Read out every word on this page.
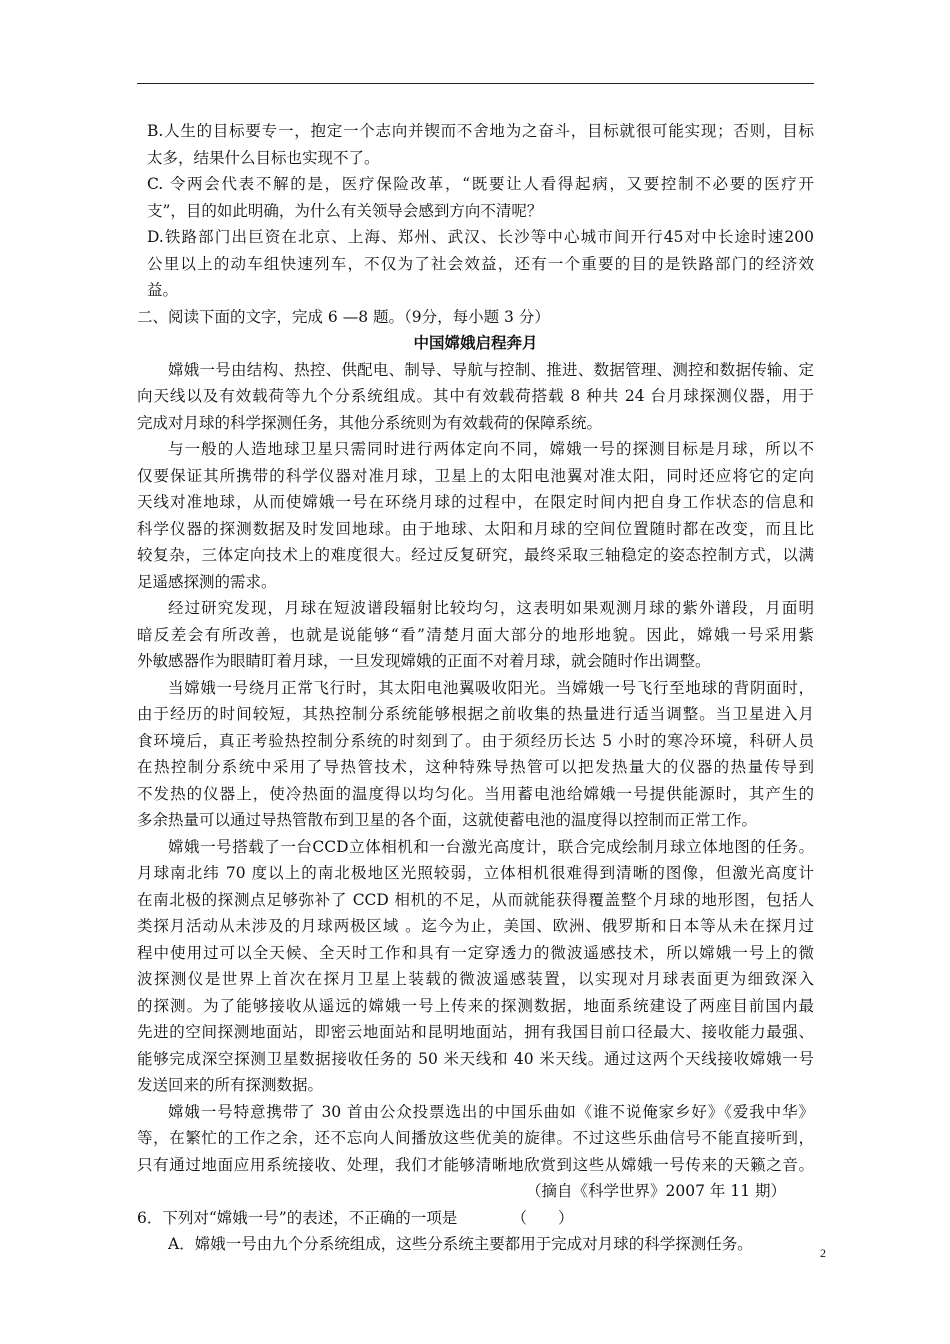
B.人生的目标要专一，抱定一个志向并锲而不舍地为之奋斗，目标就很可能实现；否则，目标
太多，结果什么目标也实现不了。
C. 令两会代表不解的是，医疗保险改革，“既要让人看得起病，又要控制不必要的医疗开
支”，目的如此明确，为什么有关领导会感到方向不清呢？
D.铁路部门出巨资在北京、上海、郑州、武汉、长沙等中心城市间开行45对中长途时速200
公里以上的动车组快速列车，不仅为了社会效益，还有一个重要的目的是铁路部门的经济效
益。
二、阅读下面的文字，完成 6 —8 题。（9分，每小题 3 分）
中国嫦娥启程奔月
嫦娥一号由结构、热控、供配电、制导、导航与控制、推进、数据管理、测控和数据传输、定
向天线以及有效载荷等九个分系统组成。其中有效载荷搭载 8 种共 24 台月球探测仪器，用于
完成对月球的科学探测任务，其他分系统则为有效载荷的保障系统。
与一般的人造地球卫星只需同时进行两体定向不同，嫦娥一号的探测目标是月球，所以不
仅要保证其所携带的科学仪器对准月球，卫星上的太阳电池翼对准太阳，同时还应将它的定向
天线对准地球，从而使嫦娥一号在环绕月球的过程中，在限定时间内把自身工作状态的信息和
科学仪器的探测数据及时发回地球。由于地球、太阳和月球的空间位置随时都在改变，而且比
较复杂，三体定向技术上的难度很大。经过反复研究，最终采取三轴稳定的姿态控制方式，以满
足遥感探测的需求。
经过研究发现，月球在短波谱段辐射比较均匀，这表明如果观测月球的紫外谱段，月面明
暗反差会有所改善，也就是说能够“看”清楚月面大部分的地形地貌。因此，嫦娥一号采用紫
外敏感器作为眼睛盯着月球，一旦发现嫦娥的正面不对着月球，就会随时作出调整。
当嫦娥一号绕月正常飞行时，其太阳电池翼吸收阳光。当嫦娥一号飞行至地球的背阴面时，
由于经历的时间较短，其热控制分系统能够根据之前收集的热量进行适当调整。当卫星进入月
食环境后，真正考验热控制分系统的时刻到了。由于须经历长达 5 小时的寒冷环境，科研人员
在热控制分系统中采用了导热管技术，这种特殊导热管可以把发热量大的仪器的热量传导到
不发热的仪器上，使冷热面的温度得以均匀化。当用蓄电池给嫦娥一号提供能源时，其产生的
多余热量可以通过导热管散布到卫星的各个面，这就使蓄电池的温度得以控制而正常工作。
嫦娥一号搭载了一台CCD立体相机和一台激光高度计，联合完成绘制月球立体地图的任务。
月球南北纬 70 度以上的南北极地区光照较弱，立体相机很难得到清晰的图像，但激光高度计
在南北极的探测点足够弥补了 CCD 相机的不足，从而就能获得覆盖整个月球的地形图，包括人
类探月活动从未涉及的月球两极区域 。迄今为止，美国、欧洲、俄罗斯和日本等从未在探月过
程中使用过可以全天候、全天时工作和具有一定穿透力的微波遥感技术，所以嫦娥一号上的微
波探测仪是世界上首次在探月卫星上装载的微波遥感装置，以实现对月球表面更为细致深入
的探测。为了能够接收从遥远的嫦娥一号上传来的探测数据，地面系统建设了两座目前国内最
先进的空间探测地面站，即密云地面站和昆明地面站，拥有我国目前口径最大、接收能力最强、
能够完成深空探测卫星数据接收任务的 50 米天线和 40 米天线。通过这两个天线接收嫦娥一号
发送回来的所有探测数据。
嫦娥一号特意携带了 30 首由公众投票选出的中国乐曲如《谁不说俺家乡好》《爱我中华》
等，在繁忙的工作之余，还不忘向人间播放这些优美的旋律。不过这些乐曲信号不能直接听到，
只有通过地面应用系统接收、处理，我们才能够清晰地欣赏到这些从嫦娥一号传来的天籁之音。
（摘自《科学世界》2007 年 11 期）
6．下列对“嫦娥一号”的表述，不正确的一项是　　　　（　　）
A．嫦娥一号由九个分系统组成，这些分系统主要都用于完成对月球的科学探测任务。	2
